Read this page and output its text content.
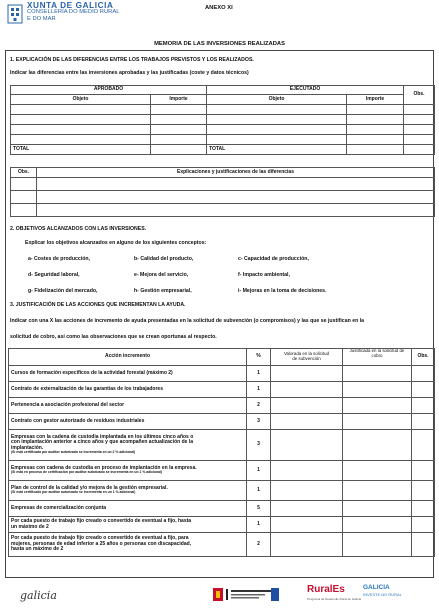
XUNTA DE GALICIA
CONSELLERÍA DO MEDIO RURAL
E DO MAR
ANEXO XI
MEMORIA DE LAS INVERSIONES REALIZADAS
1. EXPLICACIÓN DE LAS DIFERENCIAS ENTRE LOS TRABAJOS PREVISTOS Y LOS REALIZADOS.
Indicar las diferencias entre las inversiones aprobadas y las justificadas (coste y datos técnicos)
APROBADO		EJECUTADO		Obs.
Objeto	Importe	Objeto	Importe	

TOTAL		TOTAL		
Obs.	Explicaciones y justificaciones de las diferencias

2. OBJETIVOS ALCANZADOS CON LAS INVERSIONES.
Explicar los objetivos alcanzados en alguno de los siguientes conceptos:
a- Costes de producción,	b- Calidad del producto,	c- Capacidad de producción,
d- Seguridad laboral,	e- Mejora del servicio,	f- Impacto ambiental,
g- Fidelización del mercado,	h- Gestión empresarial,	i- Mejoras en la toma de decisiones.
3. JUSTIFICACIÓN DE LAS ACCIONES QUE INCREMENTAN LA AYUDA.
Indicar con una X las acciones de incremento de ayuda presentadas en la solicitud de subvención (o compromisos) y las que se justifican en la
solicitud de cobro, así como las observaciones que se crean oportunas al respecto.
Acción incremento	%	Valorada en la solicitud
de subvención	Justificada en la solicitud de cobro	Obs.

Cursos de formación específicos de la actividad forestal (máximo 2)	1			

Contrato de externalización de las garantías de los trabajadores	1			

Pertenencia a asociación profesional del sector	2			

Contrato con gestor autorizado de residuos industriales	3			

Empresas con la cadena de custodia implantada en los últimos cinco años o
con implantación anterior a cinco años y que acompañen actualización de la
implantación.
(Si está certificada por auditor autorizado se incrementa en un 2 % adicional)	3			

Empresas con cadena de custodia en proceso de implantación en la empresa.
(Si está en proceso de certificación por auditor autorizado se incrementa en un 1 % adicional)	1			

Plan de control de la calidad y/o mejora de la gestión empresarial.
(Si está certificado por auditor autorizado se incrementa en un 1 % adicional)	1			

Empresas de comercialización conjunta	5			

Por cada puesto de trabajo fijo creado o convertido de eventual a fijo, hasta
un máximo de 2	1			

Por cada puesto de trabajo fijo creado o convertido de eventual a fijo, para
mujeres, personas de edad inferior a 25 años o personas con discapacidad,
hasta un máximo de 2	2			
galicia	RuralEs
Programa de Desarrollo Rural de Galicia
GALICIA
INVESTE NO RURAL
